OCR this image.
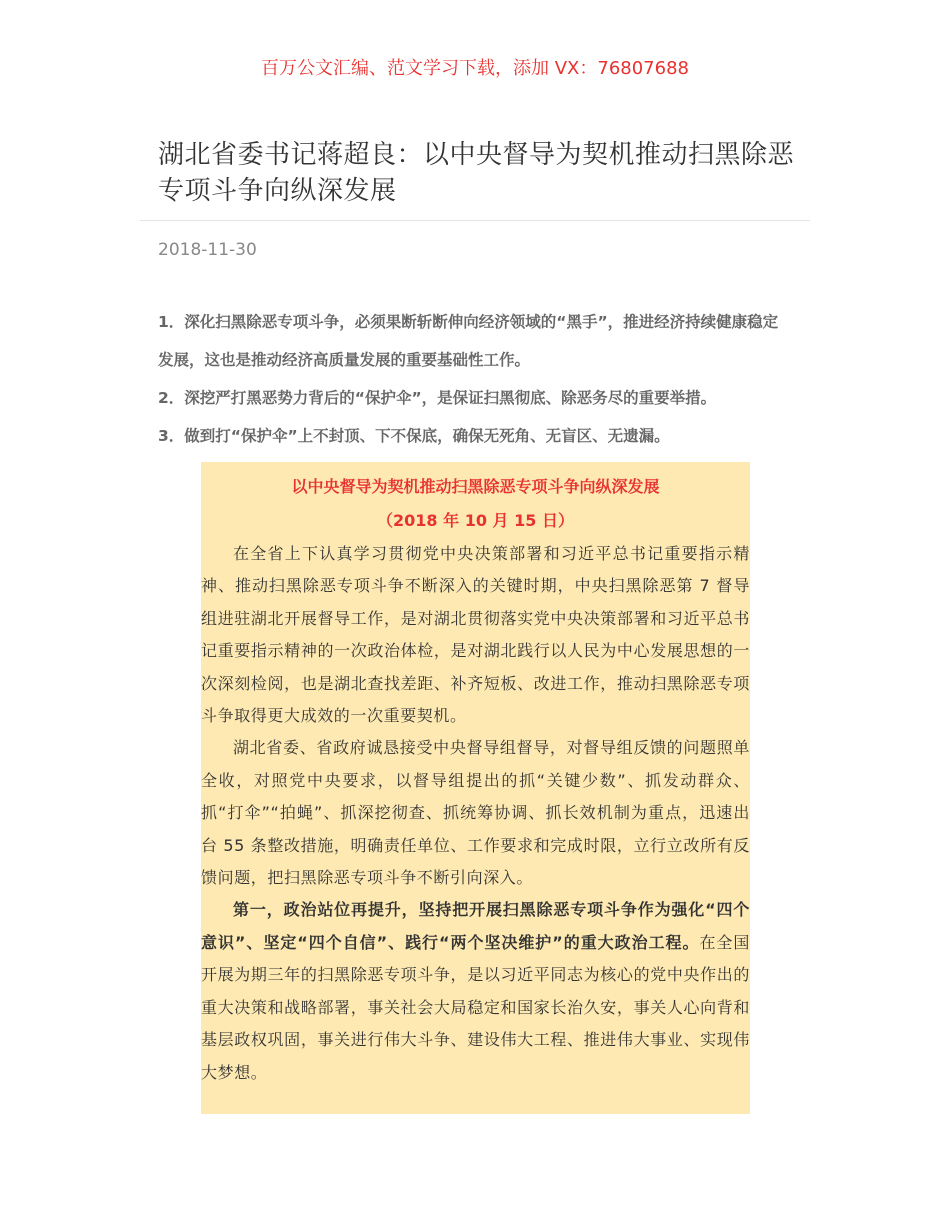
百万公文汇编、范文学习下载，添加 VX：76807688
湖北省委书记蒋超良：以中央督导为契机推动扫黑除恶专项斗争向纵深发展
2018-11-30

1．深化扫黑除恶专项斗争，必须果断斩断伸向经济领域的“黑手”，推进经济持续健康稳定发展，这也是推动经济高质量发展的重要基础性工作。

2．深挖严打黑恶势力背后的“保护伞”，是保证扫黑彻底、除恶务尽的重要举措。

3．做到打“保护伞”上不封顶、下不保底，确保无死角、无盲区、无遗漏。

以中央督导为契机推动扫黑除恶专项斗争向纵深发展

（2018 年 10 月 15 日）

在全省上下认真学习贯彻党中央决策部署和习近平总书记重要指示精神、推动扫黑除恶专项斗争不断深入的关键时期，中央扫黑除恶第 7 督导组进驻湖北开展督导工作，是对湖北贯彻落实党中央决策部署和习近平总书记重要指示精神的一次政治体检，是对湖北践行以人民为中心发展思想的一次深刻检阅，也是湖北查找差距、补齐短板、改进工作，推动扫黑除恶专项斗争取得更大成效的一次重要契机。

湖北省委、省政府诚恳接受中央督导组督导，对督导组反馈的问题照单全收，对照党中央要求，以督导组提出的抓“关键少数”、抓发动群众、抓“打伞”“拍蝇”、抓深挖彻查、抓统筹协调、抓长效机制为重点，迅速出台 55 条整改措施，明确责任单位、工作要求和完成时限，立行立改所有反馈问题，把扫黑除恶专项斗争不断引向深入。

第一，政治站位再提升，坚持把开展扫黑除恶专项斗争作为强化“四个意识”、坚定“四个自信”、践行“两个坚决维护”的重大政治工程。在全国开展为期三年的扫黑除恶专项斗争，是以习近平同志为核心的党中央作出的重大决策和战略部署，事关社会大局稳定和国家长治久安，事关人心向背和基层政权巩固，事关进行伟大斗争、建设伟大工程、推进伟大事业、实现伟大梦想。
